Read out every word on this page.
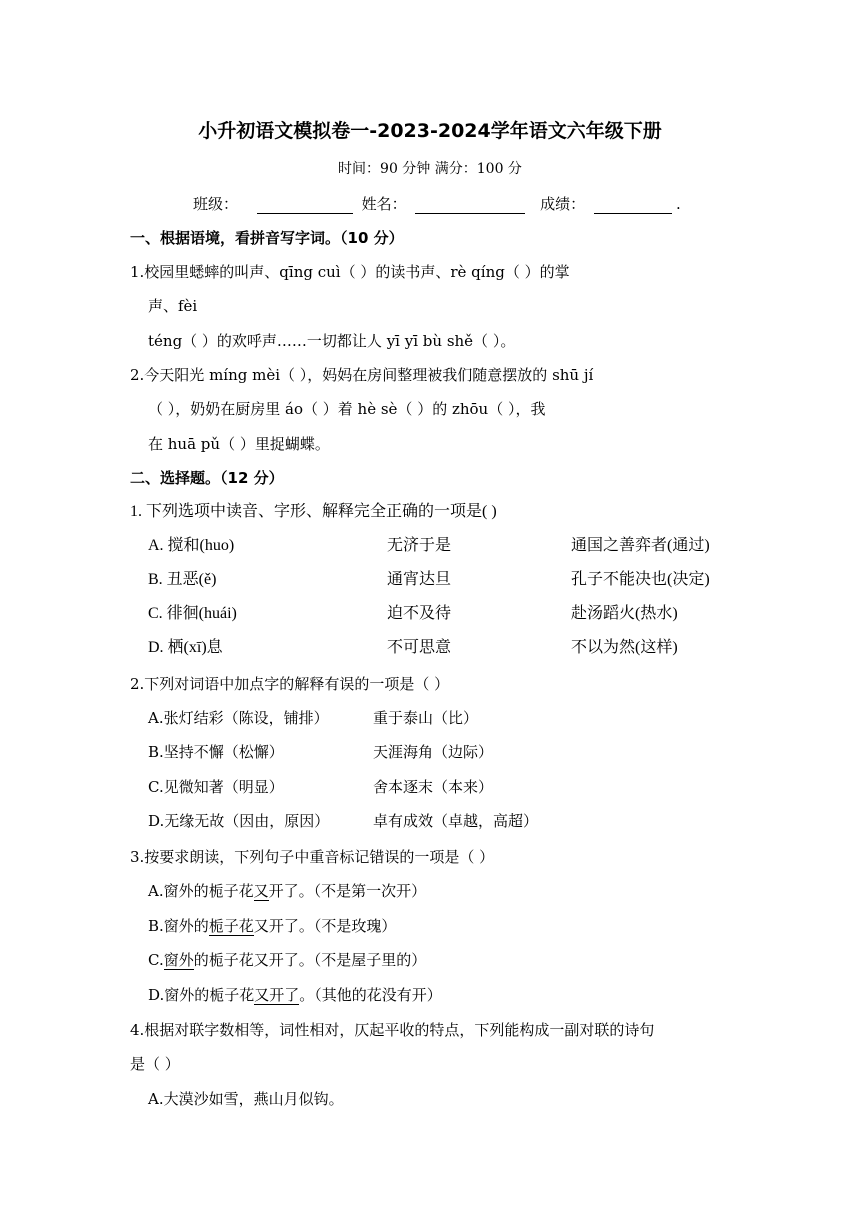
小升初语文模拟卷一-2023-2024学年语文六年级下册
时间：90 分钟 满分：100 分
班级：	姓名：	成绩：	.
一、根据语境，看拼音写字词。（10 分）
1.校园里蟋蟀的叫声、qīng cuì（ ）的读书声、rè qíng（ ）的掌
声、fèi
téng（ ）的欢呼声……一切都让人 yī yī bù shě（ ）。
2.今天阳光 míng mèi（ ），妈妈在房间整理被我们随意摆放的 shū jí
（ ），奶奶在厨房里 áo（ ）着 hè sè（ ）的 zhōu（ ），我
在 huā pǔ（ ）里捉蝴蝶。
二、选择题。（12 分）
1. 下列选项中读音、字形、解释完全正确的一项是( )
A. 搅和(huo)	无济于是	通国之善弈者(通过)
B. 丑恶(ě)	通宵达旦	孔子不能决也(决定)
C. 徘徊(huái)	迫不及待	赴汤蹈火(热水)
D. 栖(xī)息	不可思意	不以为然(这样)
2.下列对词语中加点字的解释有误的一项是（ ）
A.张灯结彩（陈设，铺排）	重于泰山（比）
B.坚持不懈（松懈）	天涯海角（边际）
C.见微知著（明显）	舍本逐末（本来）
D.无缘无故（因由，原因）	卓有成效（卓越，高超）
3.按要求朗读，下列句子中重音标记错误的一项是（ ）
A.窗外的栀子花又开了。（不是第一次开）
B.窗外的栀子花又开了。（不是玫瑰）
C.窗外的栀子花又开了。（不是屋子里的）
D.窗外的栀子花又开了。（其他的花没有开）
4.根据对联字数相等，词性相对，仄起平收的特点，下列能构成一副对联的诗句
是（ ）
A.大漠沙如雪，燕山月似钩。
